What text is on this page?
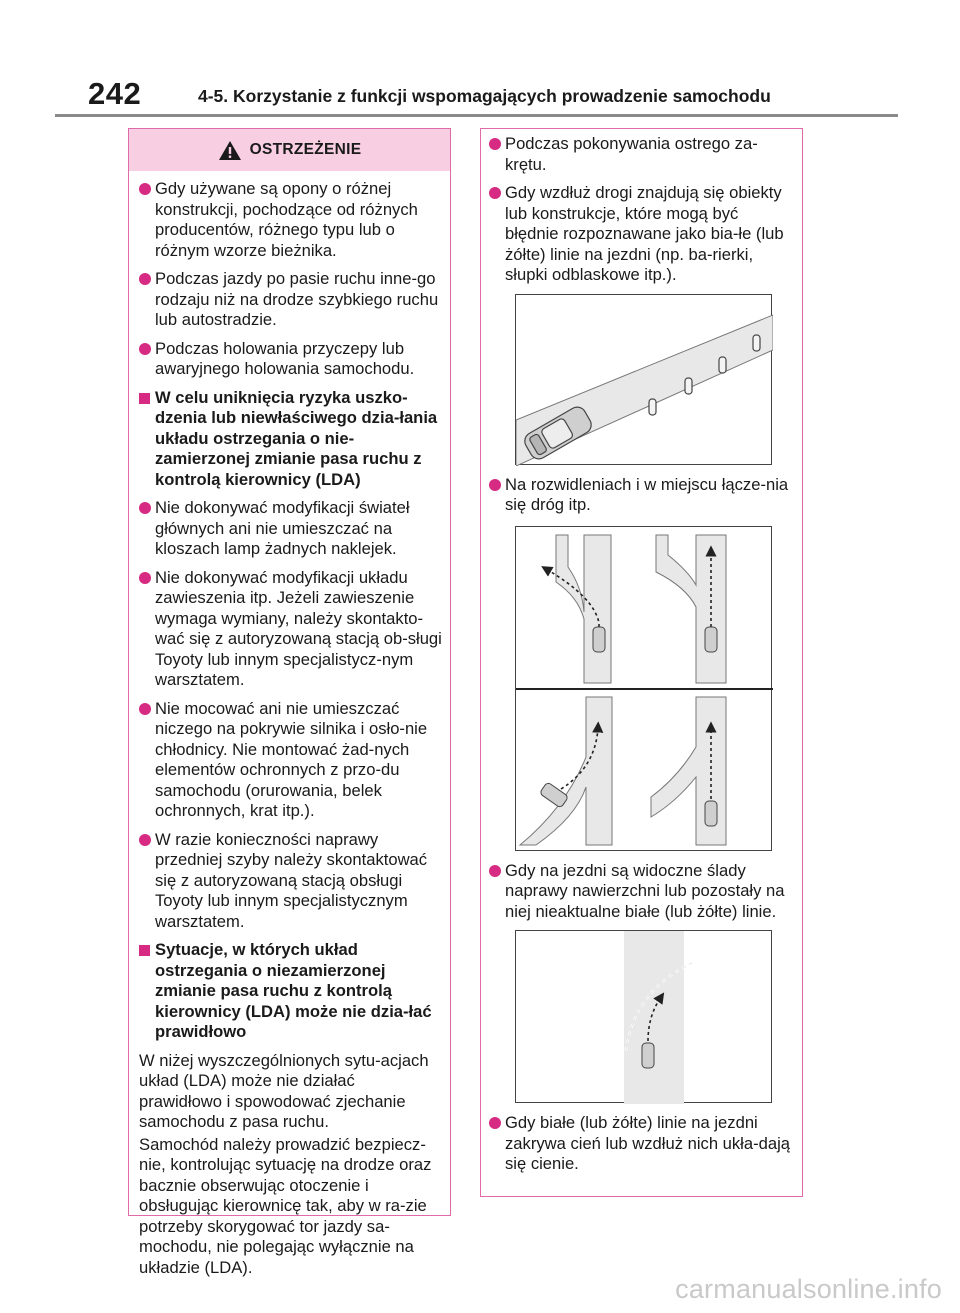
242	4-5. Korzystanie z funkcji wspomagających prowadzenie samochodu
OSTRZEŻENIE
Gdy używane są opony o różnej konstrukcji, pochodzące od różnych producentów, różnego typu lub o różnym wzorze bieżnika.
Podczas jazdy po pasie ruchu inne-go rodzaju niż na drodze szybkiego ruchu lub autostradzie.
Podczas holowania przyczepy lub awaryjnego holowania samochodu.
W celu uniknięcia ryzyka uszko-dzenia lub niewłaściwego dzia-łania układu ostrzegania o nie-zamierzonej zmianie pasa ruchu z kontrolą kierownicy (LDA)
Nie dokonywać modyfikacji świateł głównych ani nie umieszczać na kloszach lamp żadnych naklejek.
Nie dokonywać modyfikacji układu zawieszenia itp. Jeżeli zawieszenie wymaga wymiany, należy skontakto-wać się z autoryzowaną stacją ob-sługi Toyoty lub innym specjalistycz-nym warsztatem.
Nie mocować ani nie umieszczać niczego na pokrywie silnika i osło-nie chłodnicy. Nie montować żad-nych elementów ochronnych z przo-du samochodu (orurowania, belek ochronnych, krat itp.).
W razie konieczności naprawy przedniej szyby należy skontaktować się z autoryzowaną stacją obsługi Toyoty lub innym specjalistycznym warsztatem.
Sytuacje, w których układ ostrzegania o niezamierzonej zmianie pasa ruchu z kontrolą kierownicy (LDA) może nie dzia-łać prawidłowo
W niżej wyszczególnionych sytu-acjach układ (LDA) może nie działać prawidłowo i spowodować zjechanie samochodu z pasa ruchu.
Samochód należy prowadzić bezpiecz-nie, kontrolując sytuację na drodze oraz bacznie obserwując otoczenie i obsługując kierownicę tak, aby w ra-zie potrzeby skorygować tor jazdy sa-mochodu, nie polegając wyłącznie na układzie (LDA).
Podczas pokonywania ostrego za-krętu.
Gdy wzdłuż drogi znajdują się obiekty lub konstrukcje, które mogą być błędnie rozpoznawane jako bia-łe (lub żółte) linie na jezdni (np. ba-rierki, słupki odblaskowe itp.).
Na rozwidleniach i w miejscu łącze-nia się dróg itp.
Gdy na jezdni są widoczne ślady naprawy nawierzchni lub pozostały na niej nieaktualne białe (lub żółte) linie.
Gdy białe (lub żółte) linie na jezdni zakrywa cień lub wzdłuż nich ukła-dają się cienie.
carmanualsonline.info
